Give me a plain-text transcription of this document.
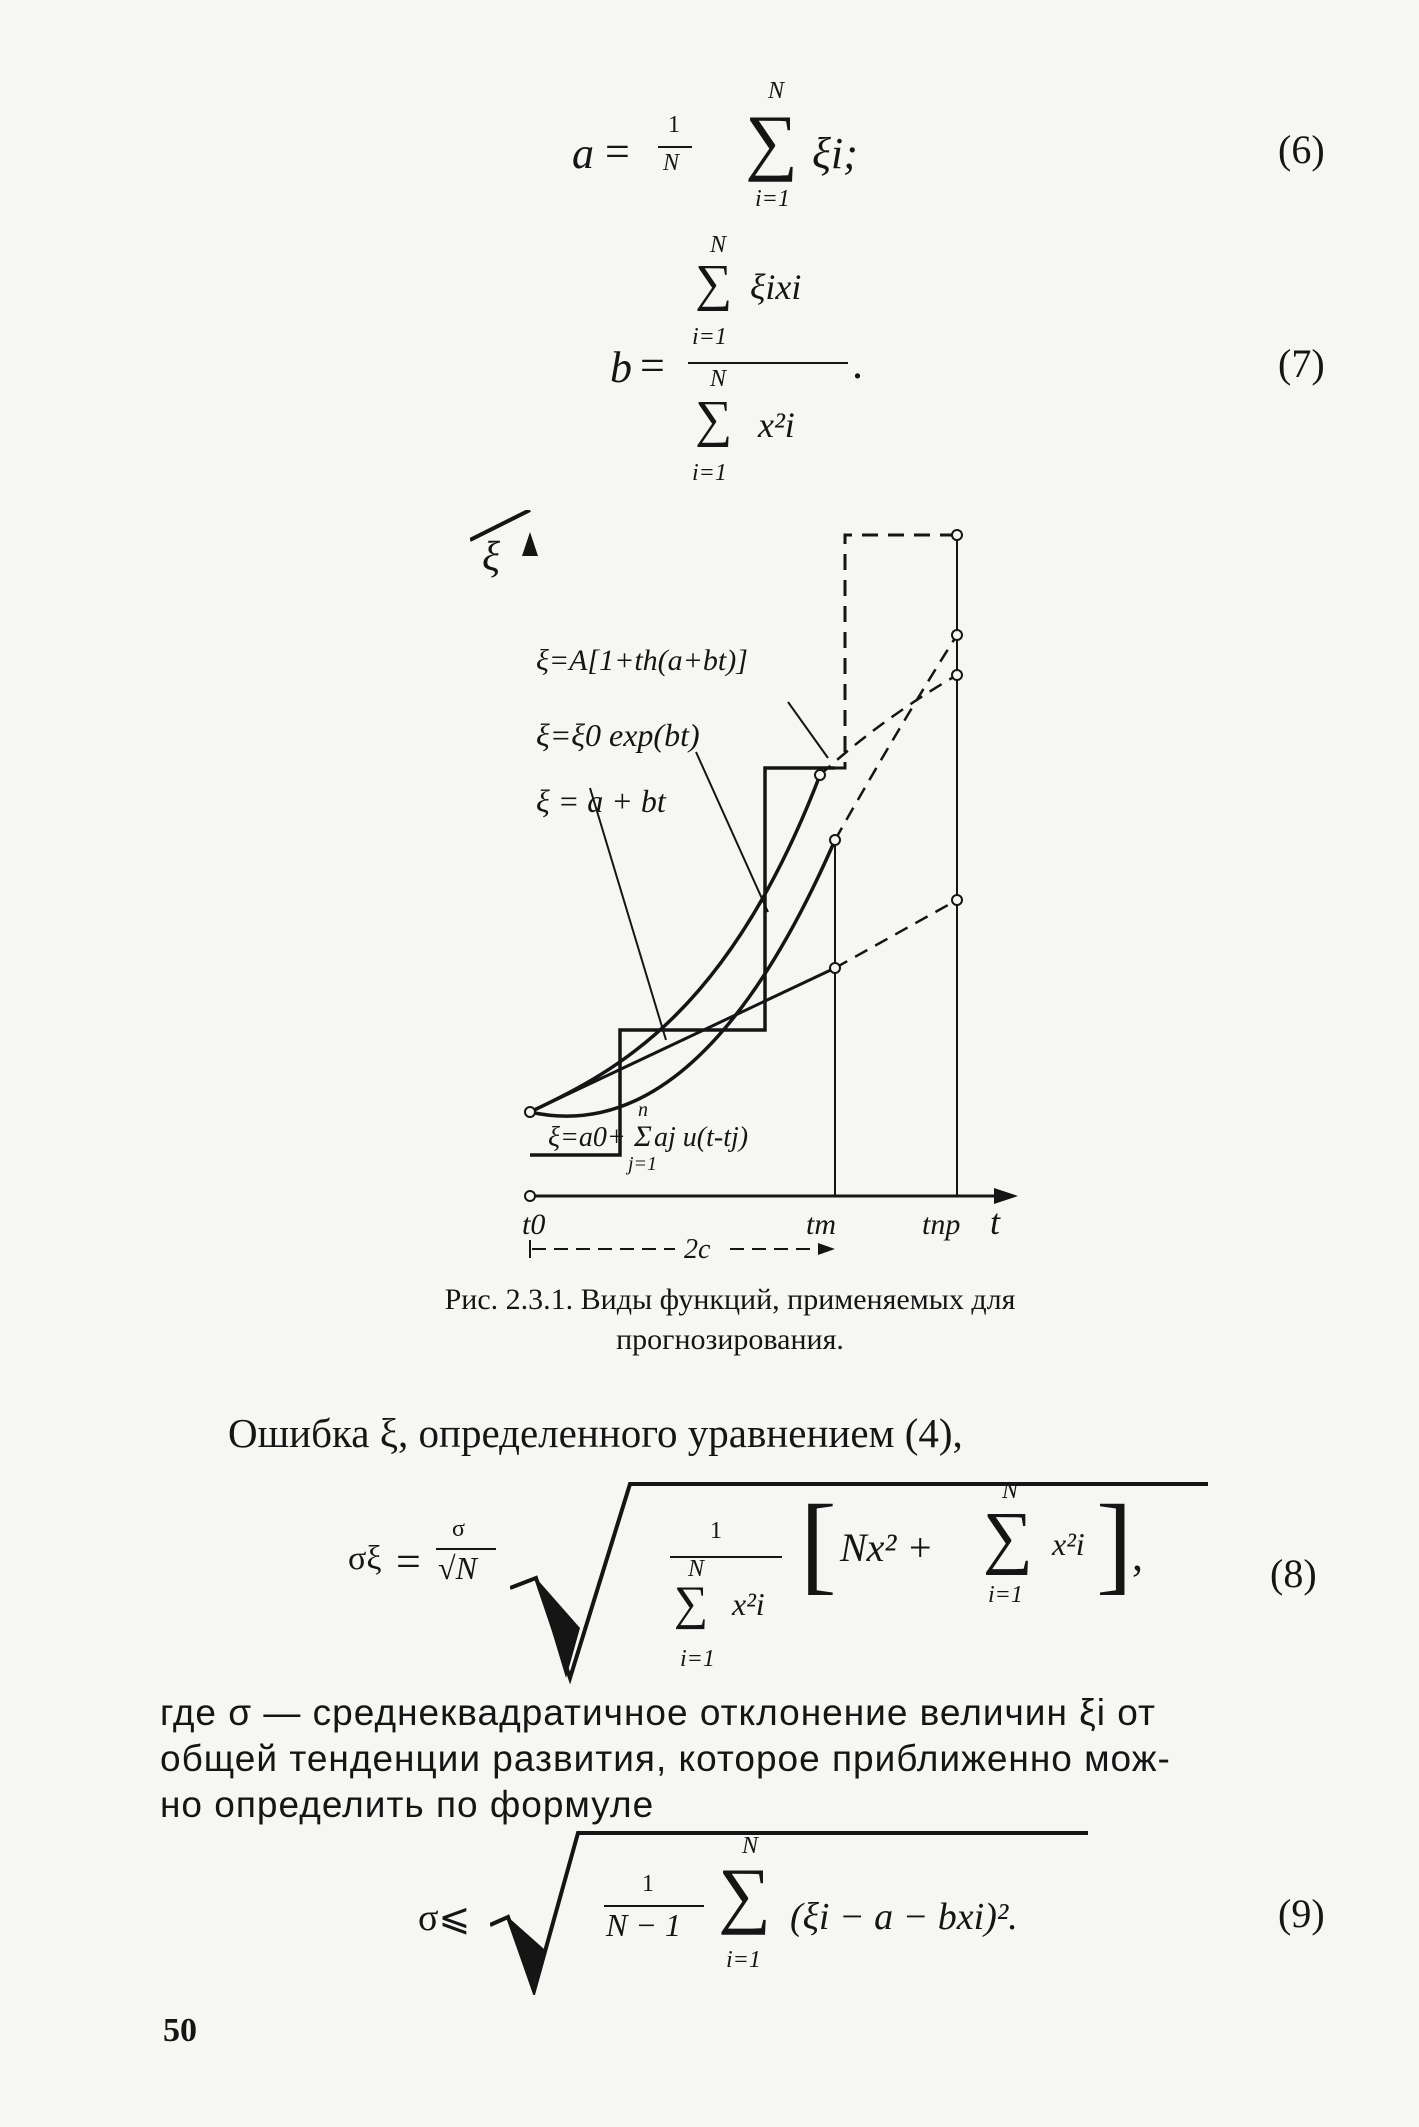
a =
1
N
N
∑
i=1
ξi;	(6)
N
∑ ξixi
i=1
b =	.
N
∑ x²i
i=1
(7)
ξ
t
ξ=A[1+th(a+bt)]
ξ=ξ0 exp(bt)
ξ = a + bt
ξ=a0+
n
Σ
j=1
aj u(t-tj)
t0	tm	tпр
2c
Рис. 2.3.1. Виды функций, применяемых для
прогнозирования.
Ошибка ξ, определенного уравнением (4),
σξ =
σ
√N
1
N
∑ x²i
i=1
[ Nx² +
N
∑ x²i
i=1 ] ,	(8)
где σ — среднеквадратичное отклонение величин ξi от
общей тенденции развития, которое приближенно мож-
но определить по формуле
σ⩽
1
N − 1
N
∑
i=1
(ξi − a − bxi)².	(9)
50
